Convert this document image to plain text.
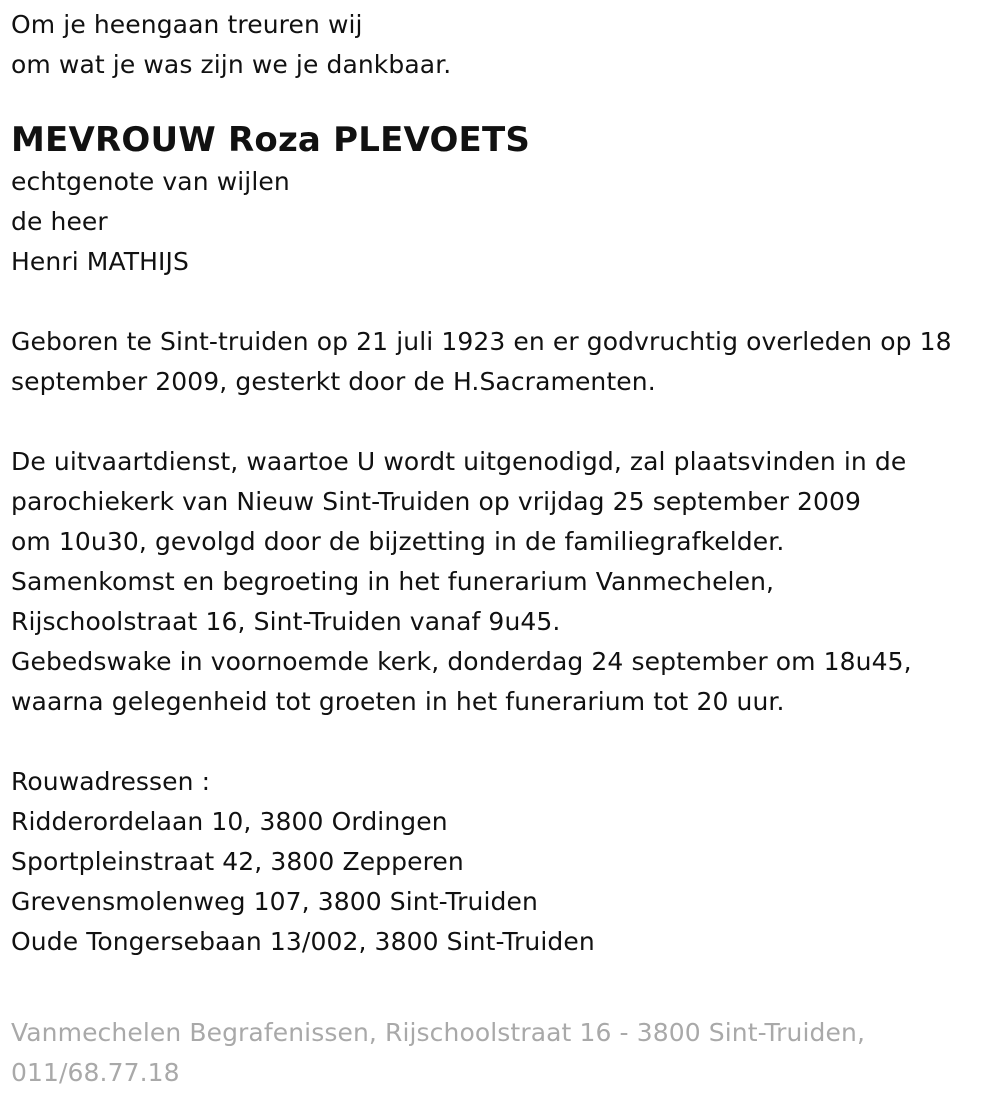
Om je heengaan treuren wij
om wat je was zijn we je dankbaar.
MEVROUW Roza PLEVOETS
echtgenote van wijlen
de heer
Henri MATHIJS
Geboren te Sint-truiden op 21 juli 1923 en er godvruchtig overleden op 18
september 2009, gesterkt door de H.Sacramenten.
De uitvaartdienst, waartoe U wordt uitgenodigd, zal plaatsvinden in de
parochiekerk van Nieuw Sint-Truiden op vrijdag 25 september 2009
om 10u30, gevolgd door de bijzetting in de familiegrafkelder.
Samenkomst en begroeting in het funerarium Vanmechelen,
Rijschoolstraat 16, Sint-Truiden vanaf 9u45.
Gebedswake in voornoemde kerk, donderdag 24 september om 18u45,
waarna gelegenheid tot groeten in het funerarium tot 20 uur.
Rouwadressen :
Ridderordelaan 10, 3800 Ordingen
Sportpleinstraat 42, 3800 Zepperen
Grevensmolenweg 107, 3800 Sint-Truiden
Oude Tongersebaan 13/002, 3800 Sint-Truiden
Vanmechelen Begrafenissen, Rijschoolstraat 16 - 3800 Sint-Truiden,
011/68.77.18
